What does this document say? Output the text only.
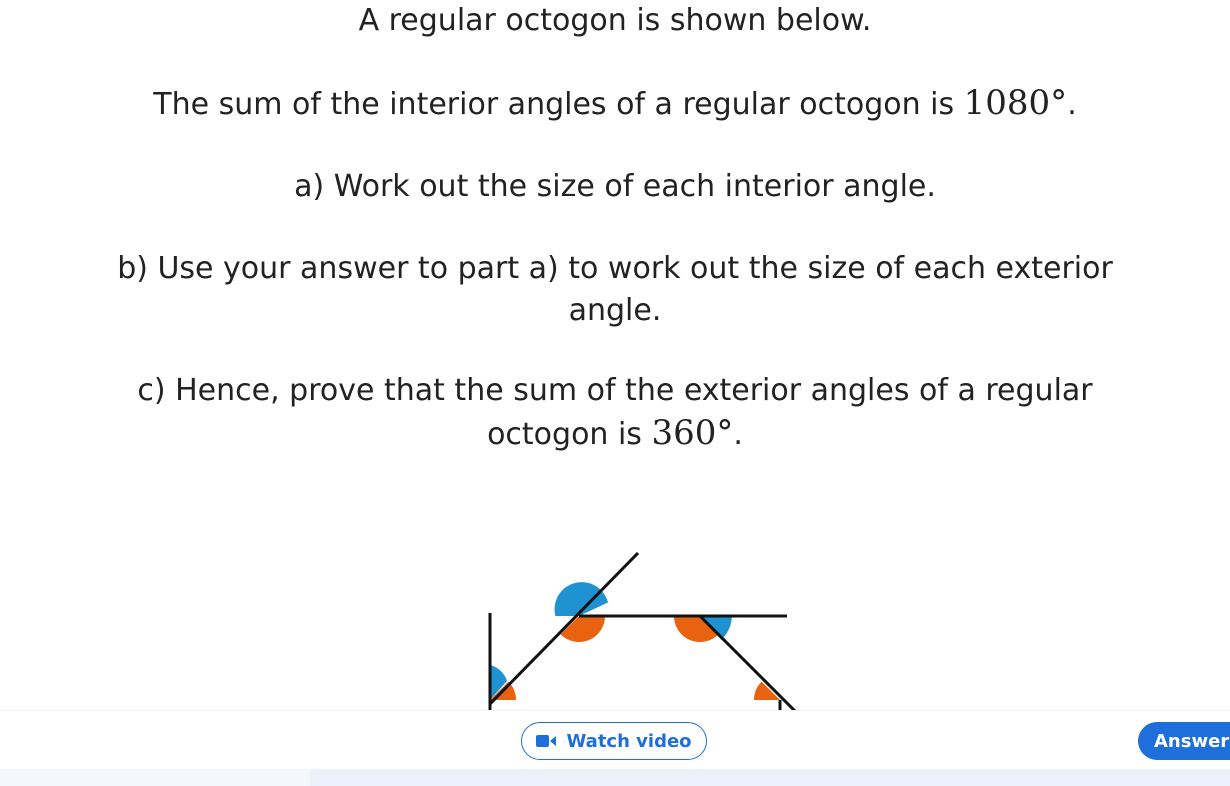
A regular octogon is shown below.

The sum of the interior angles of a regular octogon is 1080°.

a) Work out the size of each interior angle.

b) Use your answer to part a) to work out the size of each exterior

angle.

c) Hence, prove that the sum of the exterior angles of a regular

octogon is 360°.

Watch video	Answer
